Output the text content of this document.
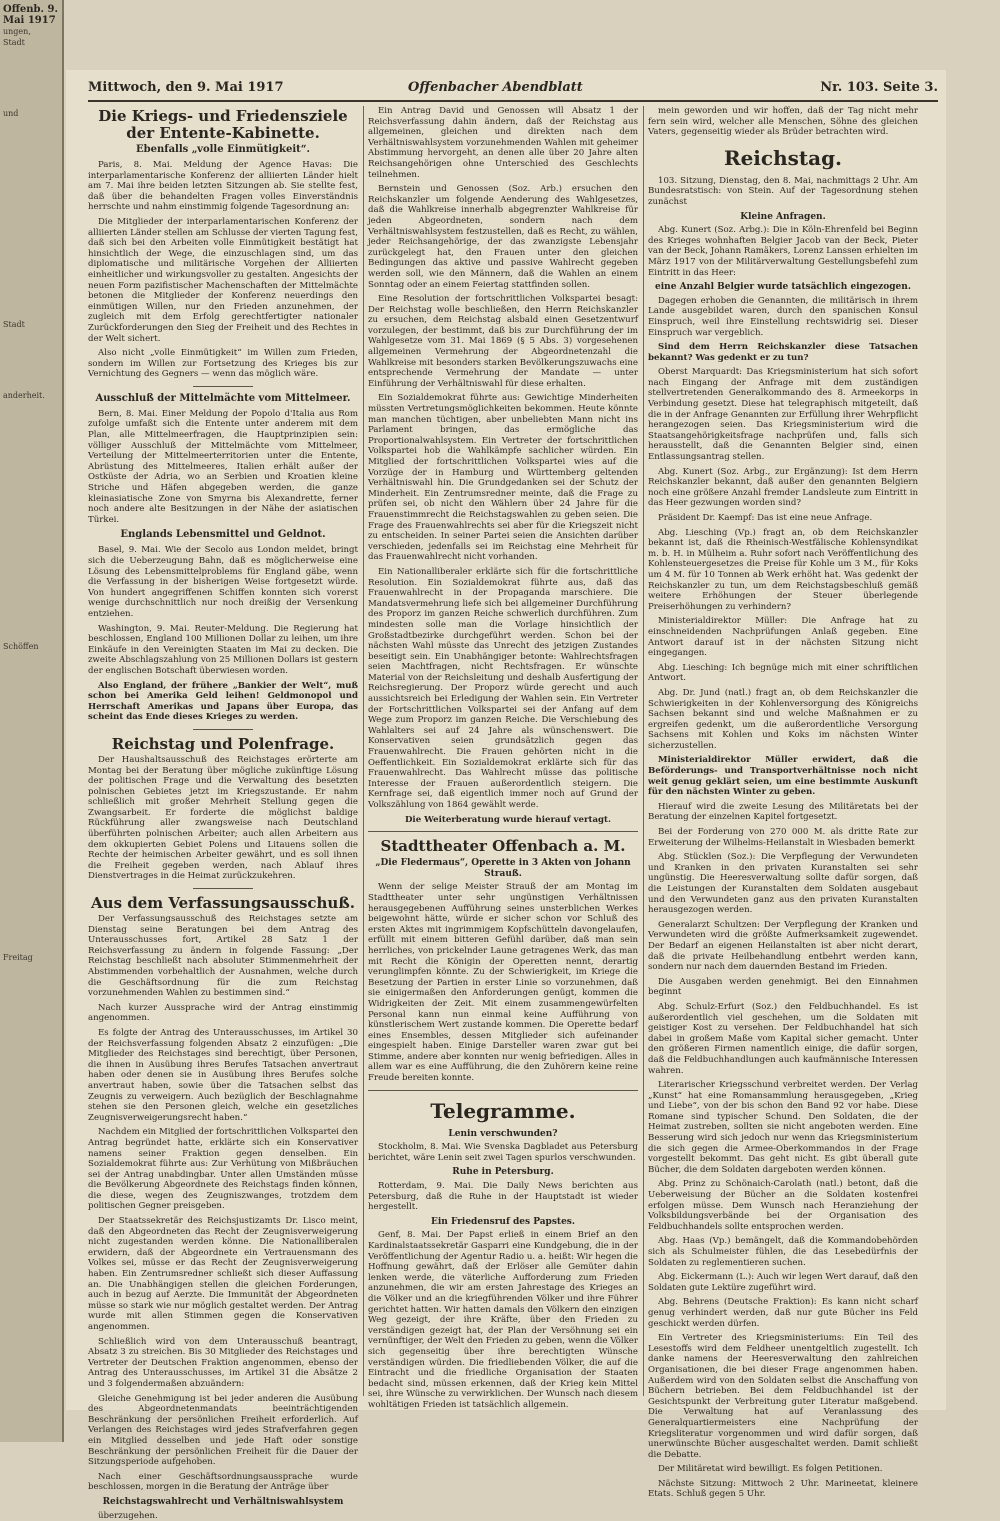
Offenb. 9. Mai 1917
ungen,
Stadt
und
Stadt
anderheit.
Schöffen
Freitag
Mittwoch, den 9. Mai 1917	Offenbacher Abendblatt	Nr. 103. Seite 3.
Die Kriegs- und Friedensziele der Entente-Kabinette.
Ebenfalls „volle Einmütigkeit“.

Paris, 8. Mai. Meldung der Agence Havas: Die interparlamentarische Konferenz der alliierten Länder hielt am 7. Mai ihre beiden letzten Sitzungen ab. Sie stellte fest, daß über die behandelten Fragen volles Einverständnis herrschte und nahm einstimmig folgende Tagesordnung an:

Die Mitglieder der interparlamentarischen Konferenz der alliierten Länder stellen am Schlusse der vierten Tagung fest, daß sich bei den Arbeiten volle Einmütigkeit bestätigt hat hinsichtlich der Wege, die einzuschlagen sind, um das diplomatische und militärische Vorgehen der Alliierten einheitlicher und wirkungsvoller zu gestalten. Angesichts der neuen Form pazifistischer Machenschaften der Mittelmächte betonen die Mitglieder der Konferenz neuerdings den einmütigen Willen, nur den Frieden anzunehmen, der zugleich mit dem Erfolg gerechtfertigter nationaler Zurückforderungen den Sieg der Freiheit und des Rechtes in der Welt sichert.

Also nicht „volle Einmütigkeit“ im Willen zum Frieden, sondern im Willen zur Fortsetzung des Krieges bis zur Vernichtung des Gegners — wenn das möglich wäre.

Ausschluß der Mittelmächte vom Mittelmeer.

Bern, 8. Mai. Einer Meldung der Popolo d'Italia aus Rom zufolge umfaßt sich die Entente unter anderem mit dem Plan, alle Mittelmeerfragen, die Hauptprinzipien sein: völliger Ausschluß der Mittelmächte vom Mittelmeer, Verteilung der Mittelmeerterritorien unter die Entente, Abrüstung des Mittelmeeres, Italien erhält außer der Ostküste der Adria, wo an Serbien und Kroatien kleine Striche und Häfen abgegeben werden, die ganze kleinasiatische Zone von Smyrna bis Alexandrette, ferner noch andere alte Besitzungen in der Nähe der asiatischen Türkei.

Englands Lebensmittel und Geldnot.

Basel, 9. Mai. Wie der Secolo aus London meldet, bringt sich die Ueberzeugung Bahn, daß es möglicherweise eine Lösung des Lebensmittelproblems für England gäbe, wenn die Verfassung in der bisherigen Weise fortgesetzt würde. Von hundert angegriffenen Schiffen konnten sich vorerst wenige durchschnittlich nur noch dreißig der Versenkung entziehen.

Washington, 9. Mai. Reuter-Meldung. Die Regierung hat beschlossen, England 100 Millionen Dollar zu leihen, um ihre Einkäufe in den Vereinigten Staaten im Mai zu decken. Die zweite Abschlagszahlung von 25 Millionen Dollars ist gestern der englischen Botschaft überwiesen worden.

Also England, der frühere „Bankier der Welt“, muß schon bei Amerika Geld leihen! Geldmonopol und Herrschaft Amerikas und Japans über Europa, das scheint das Ende dieses Krieges zu werden.

Reichstag und Polenfrage.

Der Haushaltsausschuß des Reichstages erörterte am Montag bei der Beratung über mögliche zukünftige Lösung der politischen Frage und die Verwaltung des besetzten polnischen Gebietes jetzt im Kriegszustande. Er nahm schließlich mit großer Mehrheit Stellung gegen die Zwangsarbeit. Er forderte die möglichst baldige Rückführung aller zwangsweise nach Deutschland überführten polnischen Arbeiter; auch allen Arbeitern aus dem okkupierten Gebiet Polens und Litauens sollen die Rechte der heimischen Arbeiter gewährt, und es soll ihnen die Freiheit gegeben werden, nach Ablauf ihres Dienstvertrages in die Heimat zurückzukehren.

Aus dem Verfassungsausschuß.

Der Verfassungsausschuß des Reichstages setzte am Dienstag seine Beratungen bei dem Antrag des Unterausschusses fort, Artikel 28 Satz 1 der Reichsverfassung zu ändern in folgende Fassung: „Der Reichstag beschließt nach absoluter Stimmenmehrheit der Abstimmenden vorbehaltlich der Ausnahmen, welche durch die Geschäftsordnung für die zum Reichstag vorzunehmenden Wahlen zu bestimmen sind.“

Nach kurzer Aussprache wird der Antrag einstimmig angenommen.

Es folgte der Antrag des Unterausschusses, im Artikel 30 der Reichsverfassung folgenden Absatz 2 einzufügen: „Die Mitglieder des Reichstages sind berechtigt, über Personen, die ihnen in Ausübung ihres Berufes Tatsachen anvertraut haben oder denen sie in Ausübung ihres Berufes solche anvertraut haben, sowie über die Tatsachen selbst das Zeugnis zu verweigern. Auch bezüglich der Beschlagnahme stehen sie den Personen gleich, welche ein gesetzliches Zeugnisverweigerungsrecht haben.“

Nachdem ein Mitglied der fortschrittlichen Volkspartei den Antrag begründet hatte, erklärte sich ein Konservativer namens seiner Fraktion gegen denselben. Ein Sozialdemokrat führte aus: Zur Verhütung von Mißbräuchen sei der Antrag unabdingbar. Unter allen Umständen müsse die Bevölkerung Abgeordnete des Reichstags finden können, die diese, wegen des Zeugniszwanges, trotzdem dem politischen Gegner preisgeben.

Der Staatssekretär des Reichsjustizamts Dr. Lisco meint, daß den Abgeordneten das Recht der Zeugnisverweigerung nicht zugestanden werden könne. Die Nationalliberalen erwidern, daß der Abgeordnete ein Vertrauensmann des Volkes sei, müsse er das Recht der Zeugnisverweigerung haben. Ein Zentrumsredner schließt sich dieser Auffassung an. Die Unabhängigen stellen die gleichen Forderungen, auch in bezug auf Aerzte. Die Immunität der Abgeordneten müsse so stark wie nur möglich gestaltet werden. Der Antrag wurde mit allen Stimmen gegen die Konservativen angenommen.

Schließlich wird von dem Unterausschuß beantragt, Absatz 3 zu streichen. Bis 30 Mitglieder des Reichstages und Vertreter der Deutschen Fraktion angenommen, ebenso der Antrag des Unterausschusses, im Artikel 31 die Absätze 2 und 3 folgendermaßen abzuändern:

Gleiche Genehmigung ist bei jeder anderen die Ausübung des Abgeordnetenmandats beeinträchtigenden Beschränkung der persönlichen Freiheit erforderlich. Auf Verlangen des Reichstages wird jedes Strafverfahren gegen ein Mitglied desselben und jede Haft oder sonstige Beschränkung der persönlichen Freiheit für die Dauer der Sitzungsperiode aufgehoben.

Nach einer Geschäftsordnungsaussprache wurde beschlossen, morgen in die Beratung der Anträge über

Reichstagswahlrecht und Verhältniswahlsystem

überzugehen.

Ein Antrag David und Genossen will Absatz 1 der Reichsverfassung dahin ändern, daß der Reichstag aus allgemeinen, gleichen und direkten nach dem Verhältniswahlsystem vorzunehmenden Wahlen mit geheimer Abstimmung hervorgeht, an denen alle über 20 Jahre alten Reichsangehörigen ohne Unterschied des Geschlechts teilnehmen.

Bernstein und Genossen (Soz. Arb.) ersuchen den Reichskanzler um folgende Aenderung des Wahlgesetzes, daß die Wahlkreise innerhalb abgegrenzter Wahlkreise für jeden Abgeordneten, sondern nach dem Verhältniswahlsystem festzustellen, daß es Recht, zu wählen, jeder Reichsangehörige, der das zwanzigste Lebensjahr zurückgelegt hat, den Frauen unter den gleichen Bedingungen das aktive und passive Wahlrecht gegeben werden soll, wie den Männern, daß die Wahlen an einem Sonntag oder an einem Feiertag stattfinden sollen.

Eine Resolution der fortschrittlichen Volkspartei besagt: Der Reichstag wolle beschließen, den Herrn Reichskanzler zu ersuchen, dem Reichstag alsbald einen Gesetzentwurf vorzulegen, der bestimmt, daß bis zur Durchführung der im Wahlgesetze vom 31. Mai 1869 (§ 5 Abs. 3) vorgesehenen allgemeinen Vermehrung der Abgeordnetenzahl die Wahlkreise mit besonders starken Bevölkerungszuwachs eine entsprechende Vermehrung der Mandate — unter Einführung der Verhältniswahl für diese erhalten.

Ein Sozialdemokrat führte aus: Gewichtige Minderheiten müssten Vertretungsmöglichkeiten bekommen. Heute könnte man manchen tüchtigen, aber unbeliebten Mann nicht ins Parlament bringen, das ermögliche das Proportionalwahlsystem. Ein Vertreter der fortschrittlichen Volkspartei hob die Wahlkämpfe sachlicher würden. Ein Mitglied der fortschrittlichen Volkspartei wies auf die Vorzüge der in Hamburg und Württemberg geltenden Verhältniswahl hin. Die Grundgedanken sei der Schutz der Minderheit. Ein Zentrumsredner meinte, daß die Frage zu prüfen sei, ob nicht den Wählern über 24 Jahre für die Frauenstimmrecht die Reichstagswahlen zu geben seien. Die Frage des Frauenwahlrechts sei aber für die Kriegszeit nicht zu entscheiden. In seiner Partei seien die Ansichten darüber verschieden, jedenfalls sei im Reichstag eine Mehrheit für das Frauenwahlrecht nicht vorhanden.

Ein Nationalliberaler erklärte sich für die fortschrittliche Resolution. Ein Sozialdemokrat führte aus, daß das Frauenwahlrecht in der Propaganda marschiere. Die Mandatsvermehrung liefe sich bei allgemeiner Durchführung des Proporz im ganzen Reiche schwerlich durchführen. Zum mindesten solle man die Vorlage hinsichtlich der Großstadtbezirke durchgeführt werden. Schon bei der nächsten Wahl müsste das Unrecht des jetzigen Zustandes beseitigt sein. Ein Unabhängiger betonte: Wahlrechtsfragen seien Machtfragen, nicht Rechtsfragen. Er wünschte Material von der Reichsleitung und deshalb Ausfertigung der Reichsregierung. Der Proporz würde gerecht und auch aussichtsreich bei Erledigung der Wahlen sein. Ein Vertreter der Fortschrittlichen Volkspartei sei der Anfang auf dem Wege zum Proporz im ganzen Reiche. Die Verschiebung des Wahlalters sei auf 24 Jahre als wünschenswert. Die Konservativen seien grundsätzlich gegen das Frauenwahlrecht. Die Frauen gehörten nicht in die Oeffentlichkeit. Ein Sozialdemokrat erklärte sich für das Frauenwahlrecht. Das Wahlrecht müsse das politische Interesse der Frauen außerordentlich steigern. Die Kernfrage sei, daß eigentlich immer noch auf Grund der Volkszählung von 1864 gewählt werde.

Die Weiterberatung wurde hierauf vertagt.

Stadttheater Offenbach a. M.
„Die Fledermaus“, Operette in 3 Akten von Johann Strauß.

Wenn der selige Meister Strauß der am Montag im Stadttheater unter sehr ungünstigen Verhältnissen herausgegebenen Aufführung seines unsterblichen Werkes beigewohnt hätte, würde er sicher schon vor Schluß des ersten Aktes mit ingrimmigem Kopfschütteln davongelaufen, erfüllt mit einem bitteren Gefühl darüber, daß man sein herrliches, von prickelnder Laune getragenes Werk, das man mit Recht die Königin der Operetten nennt, derartig verunglimpfen könnte. Zu der Schwierigkeit, im Kriege die Besetzung der Partien in erster Linie so vorzunehmen, daß sie einigermaßen den Anforderungen genügt, kommen die Widrigkeiten der Zeit. Mit einem zusammengewürfelten Personal kann nun einmal keine Aufführung von künstlerischem Wert zustande kommen. Die Operette bedarf eines Ensembles, dessen Mitglieder sich aufeinander eingespielt haben. Einige Darsteller waren zwar gut bei Stimme, andere aber konnten nur wenig befriedigen. Alles in allem war es eine Aufführung, die den Zuhörern keine reine Freude bereiten konnte.

Telegramme.
Lenin verschwunden?

Stockholm, 8. Mai. Wie Svenska Dagbladet aus Petersburg berichtet, wäre Lenin seit zwei Tagen spurlos verschwunden.

Ruhe in Petersburg.

Rotterdam, 9. Mai. Die Daily News berichten aus Petersburg, daß die Ruhe in der Hauptstadt ist wieder hergestellt.

Ein Friedensruf des Papstes.

Genf, 8. Mai. Der Papst erließ in einem Brief an den Kardinalstaatssekretär Gasparri eine Kundgebung, die in der Veröffentlichung der Agentur Radio u. a. heißt: Wir hegen die Hoffnung gewährt, daß der Erlöser alle Gemüter dahin lenken werde, die väterliche Aufforderung zum Frieden anzunehmen, die wir am ersten Jahrestage des Krieges an die Völker und an die kriegführenden Völker und ihre Führer gerichtet hatten. Wir hatten damals den Völkern den einzigen Weg gezeigt, der ihre Kräfte, über den Frieden zu verständigen gezeigt hat, der Plan der Versöhnung sei ein vernünftiger, der Welt den Frieden zu geben, wenn die Völker sich gegenseitig über ihre berechtigten Wünsche verständigen würden. Die friedliebenden Völker, die auf die Eintracht und die friedliche Organisation der Staaten bedacht sind, müssen erkennen, daß der Krieg kein Mittel sei, ihre Wünsche zu verwirklichen. Der Wunsch nach diesem wohltätigen Frieden ist tatsächlich allgemein.

mein geworden und wir hoffen, daß der Tag nicht mehr fern sein wird, welcher alle Menschen, Söhne des gleichen Vaters, gegenseitig wieder als Brüder betrachten wird.

Reichstag.

103. Sitzung, Dienstag, den 8. Mai, nachmittags 2 Uhr. Am Bundesratstisch: von Stein. Auf der Tagesordnung stehen zunächst

Kleine Anfragen.

Abg. Kunert (Soz. Arbg.): Die in Köln-Ehrenfeld bei Beginn des Krieges wohnhaften Belgier Jacob van der Beck, Pieter van der Beck, Johann Ramäkers, Lorenz Lanssen erhielten im März 1917 von der Militärverwaltung Gestellungsbefehl zum Eintritt in das Heer:

eine Anzahl Belgier wurde tatsächlich eingezogen.

Dagegen erhoben die Genannten, die militärisch in ihrem Lande ausgebildet waren, durch den spanischen Konsul Einspruch, weil ihre Einstellung rechtswidrig sei. Dieser Einspruch war vergeblich.

Sind dem Herrn Reichskanzler diese Tatsachen bekannt? Was gedenkt er zu tun?

Oberst Marquardt: Das Kriegsministerium hat sich sofort nach Eingang der Anfrage mit dem zuständigen stellvertretenden Generalkommando des 8. Armeekorps in Verbindung gesetzt. Diese hat telegraphisch mitgeteilt, daß die in der Anfrage Genannten zur Erfüllung ihrer Wehrpflicht herangezogen seien. Das Kriegsministerium wird die Staatsangehörigkeitsfrage nachprüfen und, falls sich herausstellt, daß die Genannten Belgier sind, einen Entlassungsantrag stellen.

Abg. Kunert (Soz. Arbg., zur Ergänzung): Ist dem Herrn Reichskanzler bekannt, daß außer den genannten Belgiern noch eine größere Anzahl fremder Landsleute zum Eintritt in das Heer gezwungen worden sind?

Präsident Dr. Kaempf: Das ist eine neue Anfrage.

Abg. Liesching (Vp.) fragt an, ob dem Reichskanzler bekannt ist, daß die Rheinisch-Westfälische Kohlensyndikat m. b. H. in Mülheim a. Ruhr sofort nach Veröffentlichung des Kohlensteuergesetzes die Preise für Kohle um 3 M., für Koks um 4 M. für 10 Tonnen ab Werk erhöht hat. Was gedenkt der Reichskanzler zu tun, um dem Reichstagsbeschluß gemäß weitere Erhöhungen der Steuer überlegende Preiserhöhungen zu verhindern?

Ministerialdirektor Müller: Die Anfrage hat zu einschneidenden Nachprüfungen Anlaß gegeben. Eine Antwort darauf ist in der nächsten Sitzung nicht eingegangen.

Abg. Liesching: Ich begnüge mich mit einer schriftlichen Antwort.

Abg. Dr. Jund (natl.) fragt an, ob dem Reichskanzler die Schwierigkeiten in der Kohlenversorgung des Königreichs Sachsen bekannt sind und welche Maßnahmen er zu ergreifen gedenkt, um die außerordentliche Versorgung Sachsens mit Kohlen und Koks im nächsten Winter sicherzustellen.

Ministerialdirektor Müller erwidert, daß die Beförderungs- und Transportverhältnisse noch nicht weit genug geklärt seien, um eine bestimmte Auskunft für den nächsten Winter zu geben.

Hierauf wird die zweite Lesung des Militäretats bei der Beratung der einzelnen Kapitel fortgesetzt.

Bei der Forderung von 270 000 M. als dritte Rate zur Erweiterung der Wilhelms-Heilanstalt in Wiesbaden bemerkt

Abg. Stücklen (Soz.): Die Verpflegung der Verwundeten und Kranken in den privaten Kuranstalten sei sehr ungünstig. Die Heeresverwaltung sollte dafür sorgen, daß die Leistungen der Kuranstalten dem Soldaten ausgebaut und den Verwundeten ganz aus den privaten Kuranstalten herausgezogen werden.

Generalarzt Schultzen: Der Verpflegung der Kranken und Verwundeten wird die größte Aufmerksamkeit zugewendet. Der Bedarf an eigenen Heilanstalten ist aber nicht derart, daß die private Heilbehandlung entbehrt werden kann, sondern nur nach dem dauernden Bestand im Frieden.

Die Ausgaben werden genehmigt. Bei den Einnahmen beginnt

Abg. Schulz-Erfurt (Soz.) den Feldbuchhandel. Es ist außerordentlich viel geschehen, um die Soldaten mit geistiger Kost zu versehen. Der Feldbuchhandel hat sich dabei in großem Maße vom Kapital sicher gemacht. Unter den größeren Firmen namentlich einige, die dafür sorgen, daß die Feldbuchhandlungen auch kaufmännische Interessen wahren.

Literarischer Kriegsschund verbreitet werden. Der Verlag „Kunst“ hat eine Romansammlung herausgegeben, „Krieg und Liebe“, von der bis schon den Band 92 vor habe. Diese Romane sind typischer Schund. Den Soldaten, die der Heimat zustreben, sollten sie nicht angeboten werden. Eine Besserung wird sich jedoch nur wenn das Kriegsministerium die sich gegen die Armee-Oberkommandos in der Frage vorgestellt bekommt. Das geht nicht. Es gibt überall gute Bücher, die dem Soldaten dargeboten werden können.

Abg. Prinz zu Schönaich-Carolath (natl.) betont, daß die Ueberweisung der Bücher an die Soldaten kostenfrei erfolgen müsse. Dem Wunsch nach Heranziehung der Volksbildungsverbände bei der Organisation des Feldbuchhandels sollte entsprochen werden.

Abg. Haas (Vp.) bemängelt, daß die Kommandobehörden sich als Schulmeister fühlen, die das Lesebedürfnis der Soldaten zu reglementieren suchen.

Abg. Eickermann (L.): Auch wir legen Wert darauf, daß den Soldaten gute Lektüre zugeführt wird.

Abg. Behrens (Deutsche Fraktion): Es kann nicht scharf genug verhindert werden, daß nur gute Bücher ins Feld geschickt werden dürfen.

Ein Vertreter des Kriegsministeriums: Ein Teil des Lesestoffs wird dem Feldheer unentgeltlich zugestellt. Ich danke namens der Heeresverwaltung den zahlreichen Organisationen, die bei dieser Frage angenommen haben. Außerdem wird von den Soldaten selbst die Anschaffung von Büchern betrieben. Bei dem Feldbuchhandel ist der Gesichtspunkt der Verbreitung guter Literatur maßgebend. Die Verwaltung hat auf Veranlassung des Generalquartiermeisters eine Nachprüfung der Kriegsliteratur vorgenommen und wird dafür sorgen, daß unerwünschte Bücher ausgeschaltet werden. Damit schließt die Debatte.

Der Militäretat wird bewilligt. Es folgen Petitionen.

Nächste Sitzung: Mittwoch 2 Uhr. Marineetat, kleinere Etats. Schluß gegen 5 Uhr.
